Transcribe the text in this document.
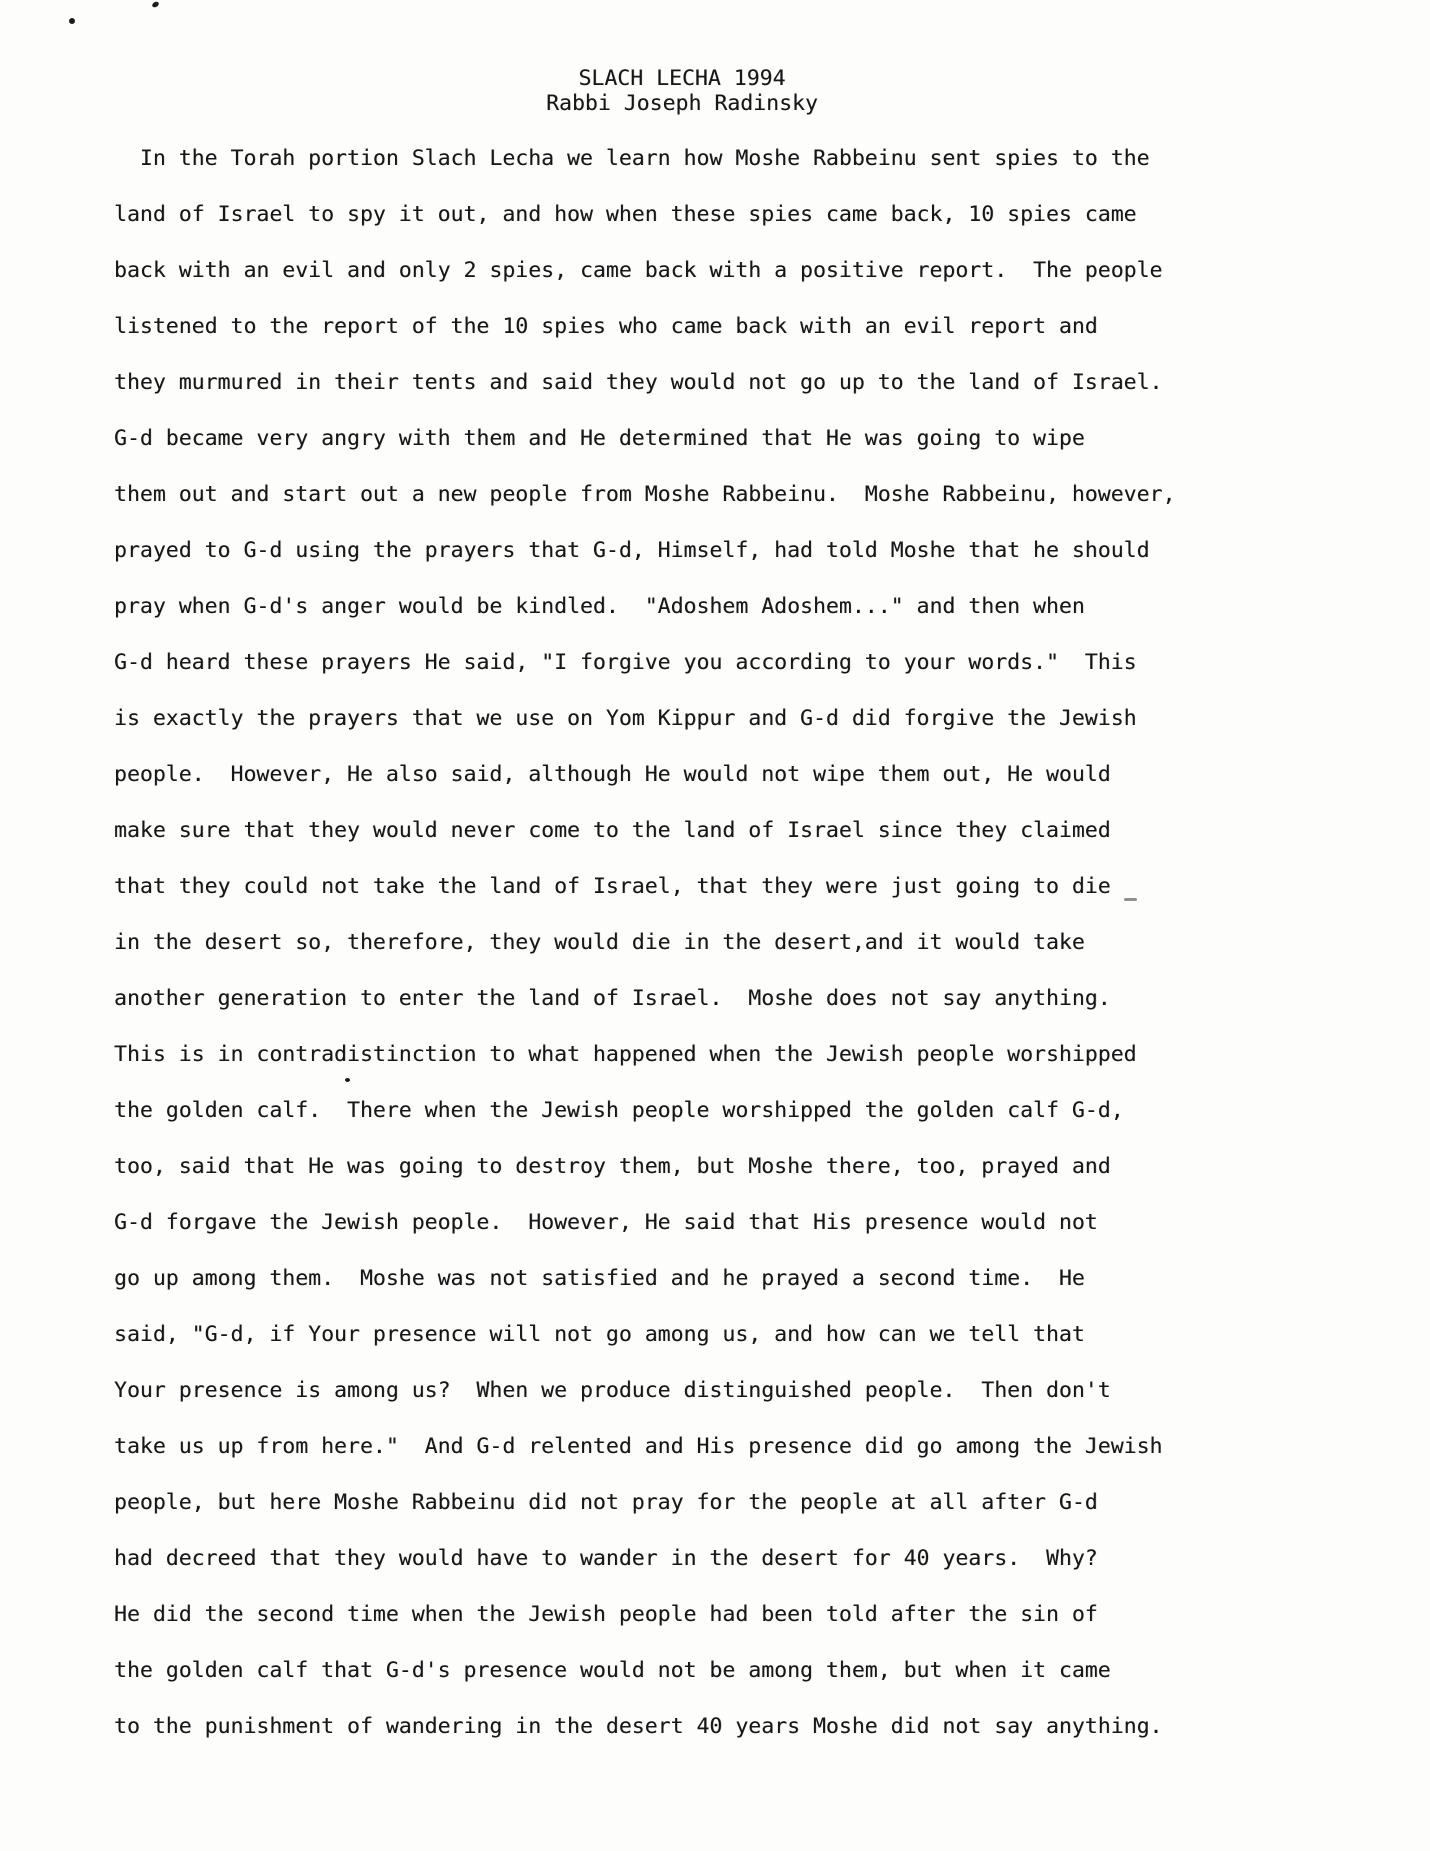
SLACH LECHA 1994
Rabbi Joseph Radinsky
In the Torah portion Slach Lecha we learn how Moshe Rabbeinu sent spies to the
land of Israel to spy it out, and how when these spies came back, 10 spies came
back with an evil and only 2 spies, came back with a positive report.  The people
listened to the report of the 10 spies who came back with an evil report and
they murmured in their tents and said they would not go up to the land of Israel.
G-d became very angry with them and He determined that He was going to wipe
them out and start out a new people from Moshe Rabbeinu.  Moshe Rabbeinu, however,
prayed to G-d using the prayers that G-d, Himself, had told Moshe that he should
pray when G-d's anger would be kindled.  "Adoshem Adoshem..." and then when
G-d heard these prayers He said, "I forgive you according to your words."  This
is exactly the prayers that we use on Yom Kippur and G-d did forgive the Jewish
people.  However, He also said, although He would not wipe them out, He would
make sure that they would never come to the land of Israel since they claimed
that they could not take the land of Israel, that they were just going to die
in the desert so, therefore, they would die in the desert,and it would take
another generation to enter the land of Israel.  Moshe does not say anything.
This is in contradistinction to what happened when the Jewish people worshipped
the golden calf.  There when the Jewish people worshipped the golden calf G-d,
too, said that He was going to destroy them, but Moshe there, too, prayed and
G-d forgave the Jewish people.  However, He said that His presence would not
go up among them.  Moshe was not satisfied and he prayed a second time.  He
said, "G-d, if Your presence will not go among us, and how can we tell that
Your presence is among us?  When we produce distinguished people.  Then don't
take us up from here."  And G-d relented and His presence did go among the Jewish
people, but here Moshe Rabbeinu did not pray for the people at all after G-d
had decreed that they would have to wander in the desert for 40 years.  Why?
He did the second time when the Jewish people had been told after the sin of
the golden calf that G-d's presence would not be among them, but when it came
to the punishment of wandering in the desert 40 years Moshe did not say anything.
